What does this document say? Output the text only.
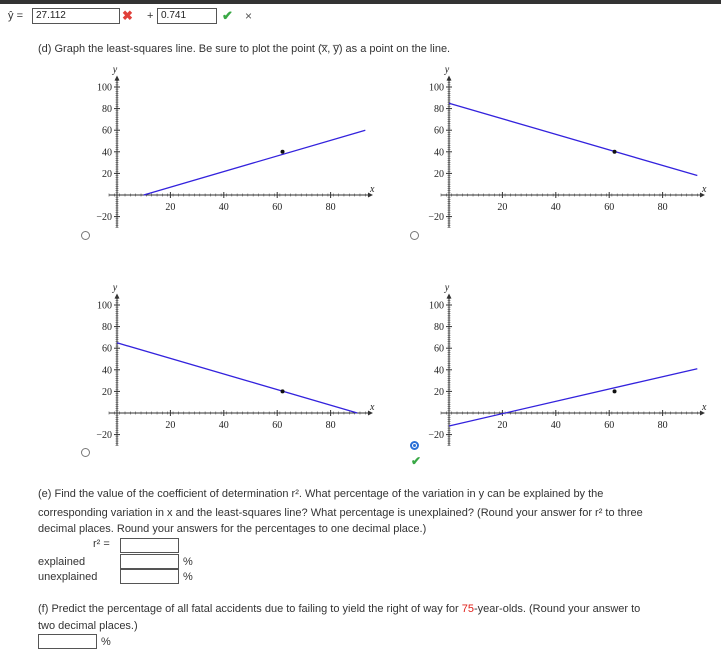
ŷ =	27.112	✖ + 0.741	✔ ×
(d) Graph the least-squares line. Be sure to plot the point (x̅, y̅) as a point on the line.
20	40	60	80
100
80
60
40
20
−20
x
y
20	40	60	80
100
80
60
40
20
−20
x
y
20	40	60	80
100
80
60
40
20
−20
x
y
20	40	60	80
100
80
60
40
20
−20
x
y
✔
(e) Find the value of the coefficient of determination r². What percentage of the variation in y can be explained by the
corresponding variation in x and the least-squares line? What percentage is unexplained? (Round your answer for r² to three
decimal places. Round your answers for the percentages to one decimal place.)
r² =
explained	%
unexplained	%
(f) Predict the percentage of all fatal accidents due to failing to yield the right of way for 75-year-olds. (Round your answer to
two decimal places.)
%
